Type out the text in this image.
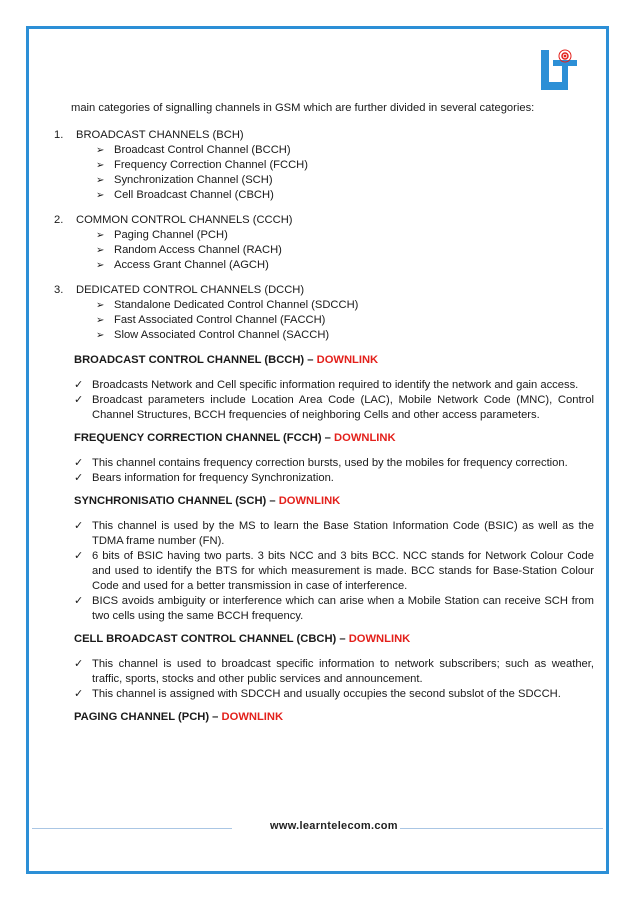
main categories of signalling channels in GSM which are further divided in several categories:

1.	BROADCAST CHANNELS (BCH)
➢ Broadcast Control Channel (BCCH)
➢ Frequency Correction Channel (FCCH)
➢ Synchronization Channel (SCH)
➢ Cell Broadcast Channel (CBCH)
2.	COMMON CONTROL CHANNELS (CCCH)
➢ Paging Channel (PCH)
➢ Random Access Channel (RACH)
➢ Access Grant Channel (AGCH)
3.	DEDICATED CONTROL CHANNELS (DCCH)
➢ Standalone Dedicated Control Channel (SDCCH)
➢ Fast Associated Control Channel (FACCH)
➢ Slow Associated Control Channel (SACCH)
BROADCAST CONTROL CHANNEL (BCCH) – DOWNLINK
✓ Broadcasts Network and Cell specific information required to identify the network and gain access.
✓ Broadcast parameters include Location Area Code (LAC), Mobile Network Code (MNC), Control Channel Structures, BCCH frequencies of neighboring Cells and other access parameters.
FREQUENCY CORRECTION CHANNEL (FCCH) – DOWNLINK
✓ This channel contains frequency correction bursts, used by the mobiles for frequency correction.
✓ Bears information for frequency Synchronization.
SYNCHRONISATIO CHANNEL (SCH) – DOWNLINK
✓ This channel is used by the MS to learn the Base Station Information Code (BSIC) as well as the TDMA frame number (FN).
✓ 6 bits of BSIC having two parts. 3 bits NCC and 3 bits BCC. NCC stands for Network Colour Code and used to identify the BTS for which measurement is made. BCC stands for Base-Station Colour Code and used for a better transmission in case of interference.
✓ BICS avoids ambiguity or interference which can arise when a Mobile Station can receive SCH from two cells using the same BCCH frequency.
CELL BROADCAST CONTROL CHANNEL (CBCH) – DOWNLINK
✓ This channel is used to broadcast specific information to network subscribers; such as weather, traffic, sports, stocks and other public services and announcement.
✓ This channel is assigned with SDCCH and usually occupies the second subslot of the SDCCH.
PAGING CHANNEL (PCH) – DOWNLINK
www.learntelecom.com
